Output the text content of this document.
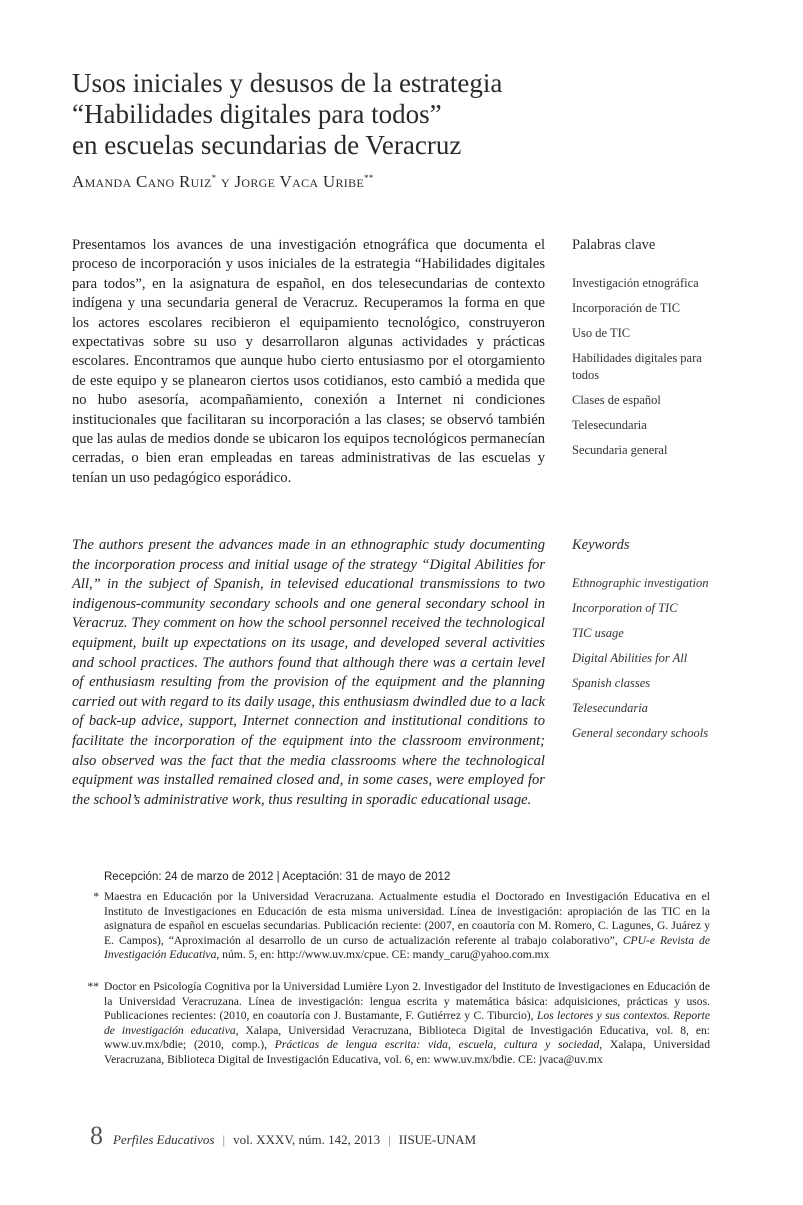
Usos iniciales y desusos de la estrategia
“Habilidades digitales para todos”
en escuelas secundarias de Veracruz
Amanda Cano Ruiz* y Jorge Vaca Uribe**

Presentamos los avances de una investigación etnográfica que documenta el proceso de incorporación y usos iniciales de la estrategia “Habilidades digitales para todos”, en la asignatura de español, en dos telesecundarias de contexto indígena y una secundaria general de Veracruz. Recuperamos la forma en que los actores escolares recibieron el equipamiento tecnológico, construyeron expectativas sobre su uso y desarrollaron algunas actividades y prácticas escolares. Encontramos que aunque hubo cierto entusiasmo por el otorgamiento de este equipo y se planearon ciertos usos cotidianos, esto cambió a medida que no hubo asesoría, acompañamiento, conexión a Internet ni condiciones institucionales que facilitaran su incorporación a las clases; se observó también que las aulas de medios donde se ubicaron los equipos tecnológicos permanecían cerradas, o bien eran empleadas en tareas administrativas de las escuelas y tenían un uso pedagógico esporádico.

Palabras clave
Investigación etnográfica
Incorporación de TIC
Uso de TIC
Habilidades digitales para todos
Clases de español
Telesecundaria
Secundaria general

The authors present the advances made in an ethnographic study documenting the incorporation process and initial usage of the strategy “Digital Abilities for All,” in the subject of Spanish, in televised educational transmissions to two indigenous-community secondary schools and one general secondary school in Veracruz. They comment on how the school personnel received the technological equipment, built up expectations on its usage, and developed several activities and school practices. The authors found that although there was a certain level of enthusiasm resulting from the provision of the equipment and the planning carried out with regard to its daily usage, this enthusiasm dwindled due to a lack of back-up advice, support, Internet connection and institutional conditions to facilitate the incorporation of the equipment into the classroom environment; also observed was the fact that the media classrooms where the technological equipment was installed remained closed and, in some cases, were employed for the school’s administrative work, thus resulting in sporadic educational usage.

Keywords
Ethnographic investigation
Incorporation of TIC
TIC usage
Digital Abilities for All
Spanish classes
Telesecundaria
General secondary schools
Recepción: 24 de marzo de 2012 | Aceptación: 31 de mayo de 2012

* Maestra en Educación por la Universidad Veracruzana. Actualmente estudia el Doctorado en Investigación Educativa en el Instituto de Investigaciones en Educación de esta misma universidad. Línea de investigación: apropiación de las TIC en la asignatura de español en escuelas secundarias. Publicación reciente: (2007, en coautoría con M. Romero, C. Lagunes, G. Juárez y E. Campos), “Aproximación al desarrollo de un curso de actualización referente al trabajo colaborativo”, CPU-e Revista de Investigación Educativa, núm. 5, en: http://www.uv.mx/cpue. CE: mandy_caru@yahoo.com.mx

** Doctor en Psicología Cognitiva por la Universidad Lumière Lyon 2. Investigador del Instituto de Investigaciones en Educación de la Universidad Veracruzana. Línea de investigación: lengua escrita y matemática básica: adquisiciones, prácticas y usos. Publicaciones recientes: (2010, en coautoría con J. Bustamante, F. Gutiérrez y C. Tiburcio), Los lectores y sus contextos. Reporte de investigación educativa, Xalapa, Universidad Veracruzana, Biblioteca Digital de Investigación Educativa, vol. 8, en: www.uv.mx/bdie; (2010, comp.), Prácticas de lengua escrita: vida, escuela, cultura y sociedad, Xalapa, Universidad Veracruzana, Biblioteca Digital de Investigación Educativa, vol. 6, en: www.uv.mx/bdie. CE: jvaca@uv.mx

8 Perfiles Educativos | vol. XXXV, núm. 142, 2013 | IISUE-UNAM
